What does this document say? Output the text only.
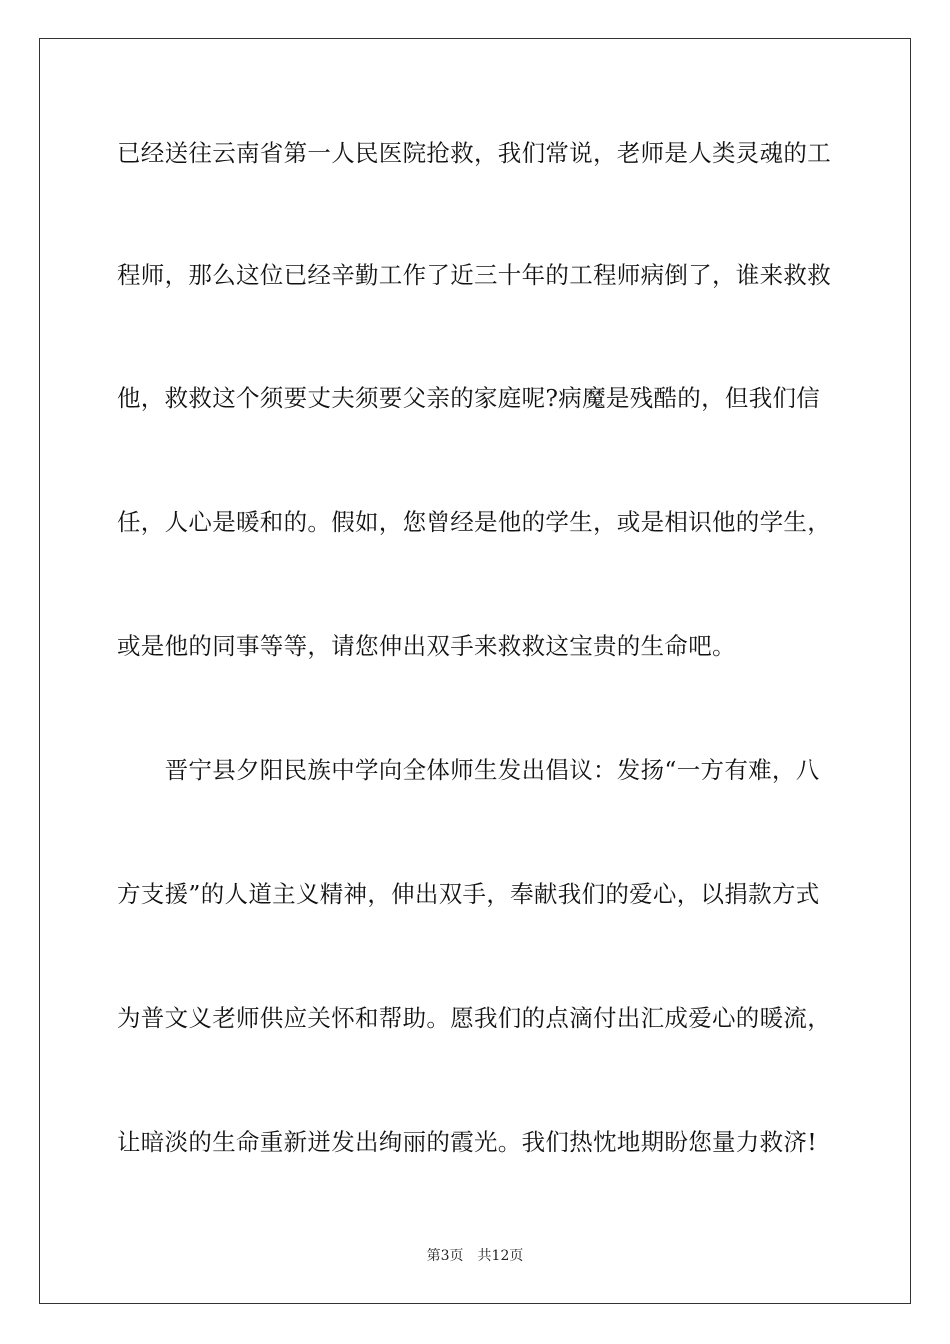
已经送往云南省第一人民医院抢救，我们常说，老师是人类灵魂的工
程师，那么这位已经辛勤工作了近三十年的工程师病倒了，谁来救救
他，救救这个须要丈夫须要父亲的家庭呢?病魔是残酷的，但我们信
任，人心是暖和的。假如，您曾经是他的学生，或是相识他的学生，
或是他的同事等等，请您伸出双手来救救这宝贵的生命吧。
　　晋宁县夕阳民族中学向全体师生发出倡议：发扬“一方有难，八
方支援”的人道主义精神，伸出双手，奉献我们的爱心，以捐款方式
为普文义老师供应关怀和帮助。愿我们的点滴付出汇成爱心的暖流，
让暗淡的生命重新迸发出绚丽的霞光。我们热忱地期盼您量力救济!
第3页 共12页
